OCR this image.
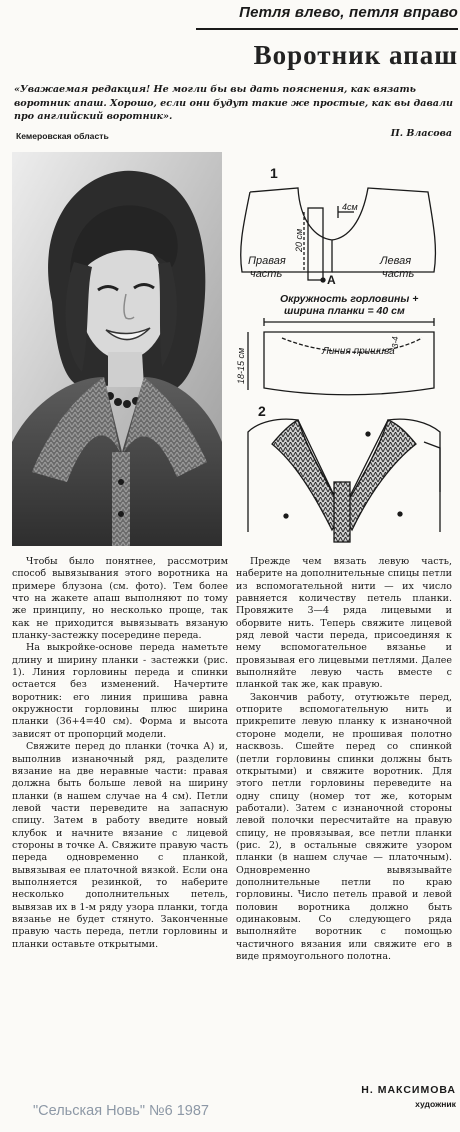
Петля влево, петля вправо
Воротник апаш
«Уважаемая редакция! Не могли бы вы дать пояснения, как вязать воротник апаш. Хорошо, если они будут такие же простые, как вы давали про английский воротник».
Кемеровская область	П. Власова
1
4см
20 см
А
Правая
часть
Левая
часть
Окружность горловины +
ширина планки = 40 см
Линия пришива
3-4
18-15 см
2

Чтобы было понятнее, рассмотрим способ вывязывания этого воротника на примере блузона (см. фото). Тем более что на жакете апаш выполняют по тому же принципу, но несколько проще, так как не приходится вывязывать вязаную планку-застежку посередине переда.

На выкройке-основе переда наметьте длину и ширину планки - застежки (рис. 1). Линия горловины переда и спинки остается без изменений. Начертите воротник: его линия пришива равна окружности горловины плюс ширина планки (36+4=40 см). Форма и высота зависят от пропорций модели.

Свяжите перед до планки (точка А) и, выполнив изнаночный ряд, разделите вязание на две неравные части: правая должна быть больше левой на ширину планки (в нашем случае на 4 см). Петли левой части переведите на запасную спицу. Затем в работу введите новый клубок и начните вязание с лицевой стороны в точке А. Свяжите правую часть переда одновременно с планкой, вывязывая ее платочной вязкой. Если она выполняется резинкой, то наберите несколько дополнительных петель, вывязав их в 1-м ряду узора планки, тогда вязанье не будет стянуто. Законченные правую часть переда, петли горловины и планки оставьте открытыми.

Прежде чем вязать левую часть, наберите на дополнительные спицы петли из вспомогательной нити — их число равняется количеству петель планки. Провяжите 3—4 ряда лицевыми и оборвите нить. Теперь свяжите лицевой ряд левой части переда, присоединяя к нему вспомогательное вязанье и провязывая его лицевыми петлями. Далее выполняйте левую часть вместе с планкой так же, как правую.

Закончив работу, отутюжьте перед, отпорите вспомогательную нить и прикрепите левую планку к изнаночной стороне модели, не прошивая полотно насквозь. Сшейте перед со спинкой (петли горловины спинки должны быть открытыми) и свяжите воротник. Для этого петли горловины переведите на одну спицу (номер тот же, которым работали). Затем с изнаночной стороны левой полочки пересчитайте на правую спицу, не провязывая, все петли планки (рис. 2), в остальные свяжите узором планки (в нашем случае — платочным). Одновременно вывязывайте дополнительные петли по краю горловины. Число петель правой и левой половин воротника должно быть одинаковым. Со следующего ряда выполняйте воротник с помощью частичного вязания или свяжите его в виде прямоугольного полотна.

Н. МАКСИМОВА
художник
"Сельская Новь" №6 1987
